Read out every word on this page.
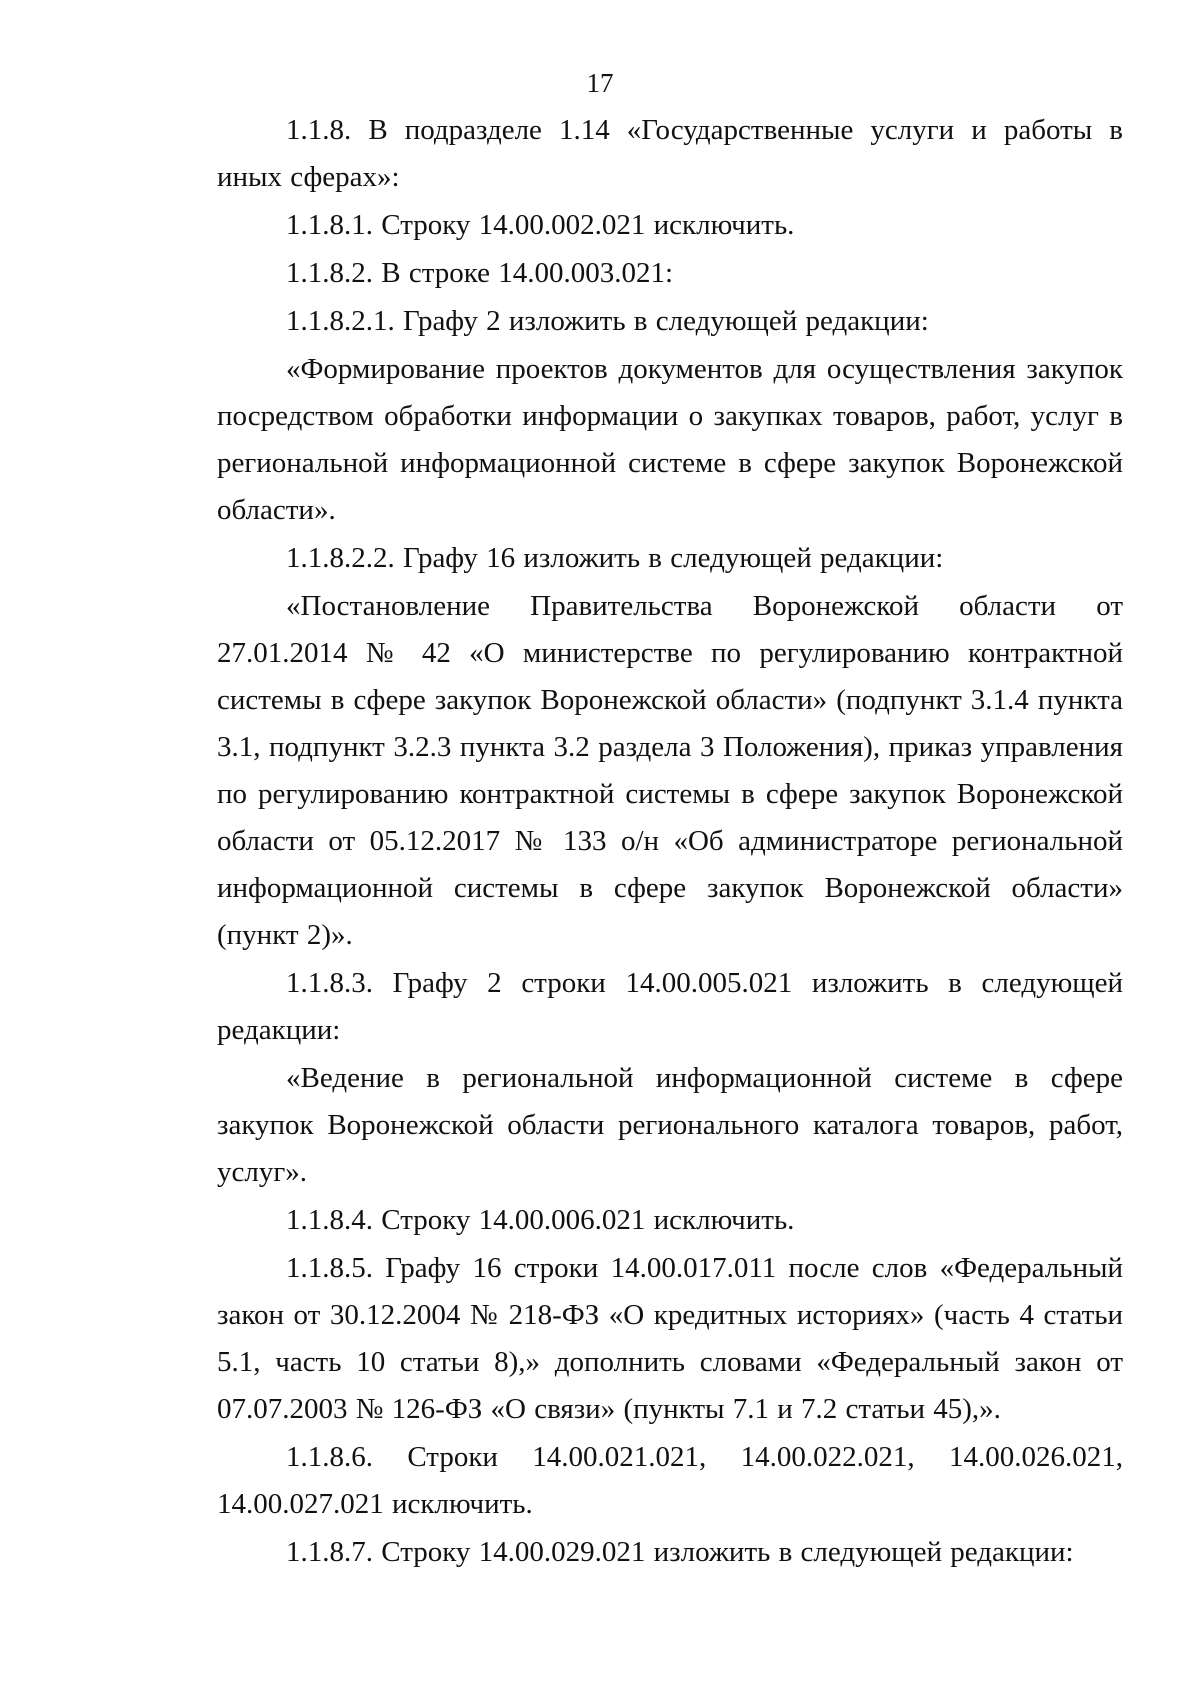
17

1.1.8. В подразделе 1.14 «Государственные услуги и работы в иных сферах»:

1.1.8.1. Строку 14.00.002.021 исключить.

1.1.8.2. В строке 14.00.003.021:

1.1.8.2.1. Графу 2 изложить в следующей редакции:

«Формирование проектов документов для осуществления закупок посредством обработки информации о закупках товаров, работ, услуг в региональной информационной системе в сфере закупок Воронежской области».

1.1.8.2.2. Графу 16 изложить в следующей редакции:

«Постановление Правительства Воронежской области от 27.01.2014 № 42 «О министерстве по регулированию контрактной системы в сфере закупок Воронежской области» (подпункт 3.1.4 пункта 3.1, подпункт 3.2.3 пункта 3.2 раздела 3 Положения), приказ управления по регулированию контрактной системы в сфере закупок Воронежской области от 05.12.2017 № 133 о/н «Об администраторе региональной информационной системы в сфере закупок Воронежской области» (пункт 2)».

1.1.8.3. Графу 2 строки 14.00.005.021 изложить в следующей редакции:

«Ведение в региональной информационной системе в сфере закупок Воронежской области регионального каталога товаров, работ, услуг».

1.1.8.4. Строку 14.00.006.021 исключить.

1.1.8.5. Графу 16 строки 14.00.017.011 после слов «Федеральный закон от 30.12.2004 № 218-ФЗ «О кредитных историях» (часть 4 статьи 5.1, часть 10 статьи 8),» дополнить словами «Федеральный закон от 07.07.2003 № 126-ФЗ «О связи» (пункты 7.1 и 7.2 статьи 45),».

1.1.8.6. Строки 14.00.021.021, 14.00.022.021, 14.00.026.021, 14.00.027.021 исключить.

1.1.8.7. Строку 14.00.029.021 изложить в следующей редакции:
